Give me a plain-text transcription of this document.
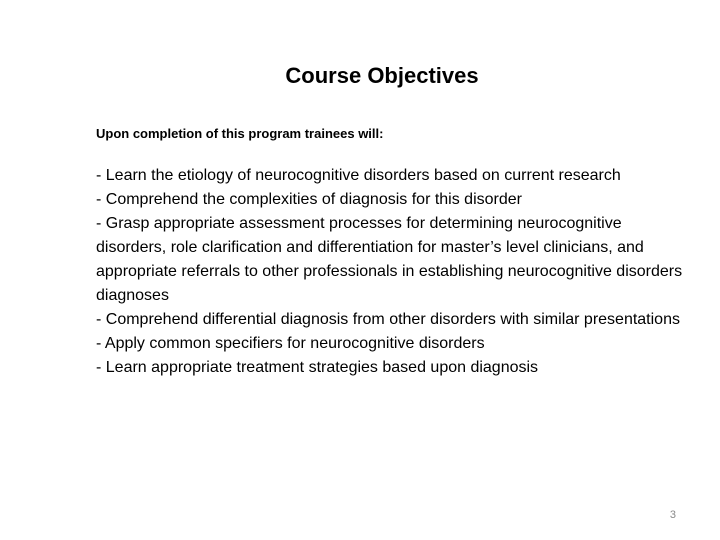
Course Objectives

Upon completion of this program trainees will:

- Learn the etiology of neurocognitive disorders based on current research
- Comprehend the complexities of diagnosis for this disorder
- Grasp appropriate assessment processes for determining neurocognitive disorders, role clarification and differentiation for master’s level clinicians, and appropriate referrals to other professionals in establishing neurocognitive disorders diagnoses
- Comprehend differential diagnosis from other disorders with similar presentations
- Apply common specifiers for neurocognitive disorders
- Learn appropriate treatment strategies based upon diagnosis
3
